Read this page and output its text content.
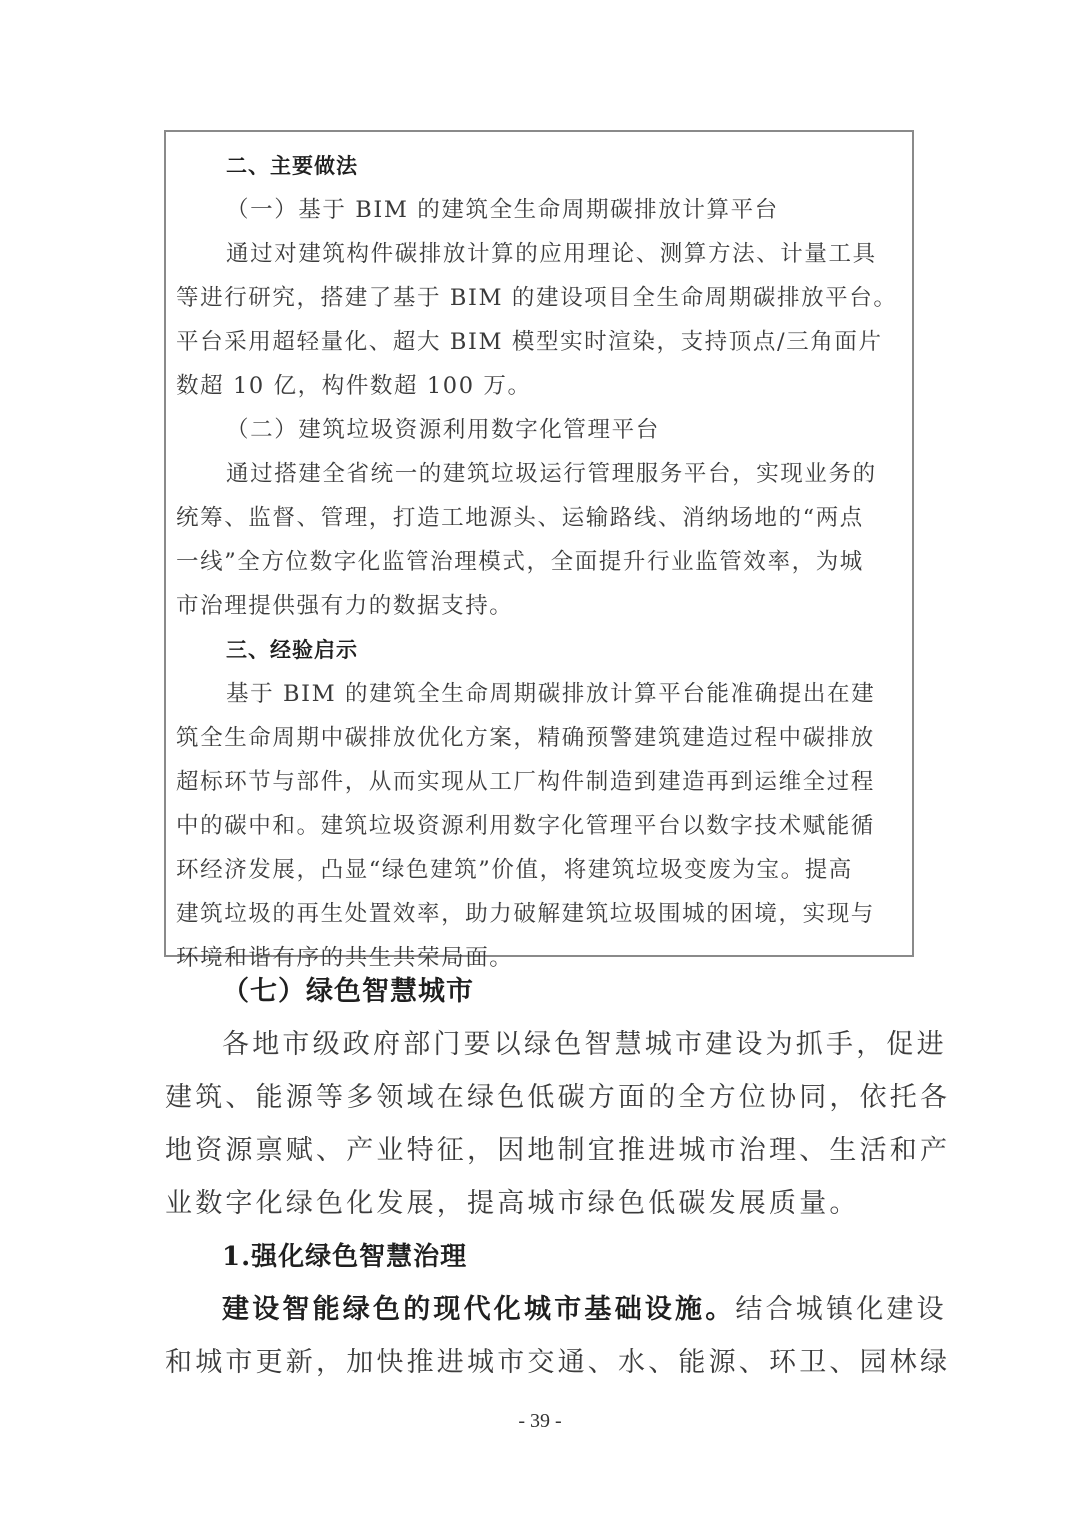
二、主要做法
（一）基于 BIM 的建筑全生命周期碳排放计算平台
通过对建筑构件碳排放计算的应用理论、测算方法、计量工具
等进行研究，搭建了基于 BIM 的建设项目全生命周期碳排放平台。
平台采用超轻量化、超大 BIM 模型实时渲染，支持顶点/三角面片
数超 10 亿，构件数超 100 万。
（二）建筑垃圾资源利用数字化管理平台
通过搭建全省统一的建筑垃圾运行管理服务平台，实现业务的
统筹、监督、管理，打造工地源头、运输路线、消纳场地的“两点
一线”全方位数字化监管治理模式，全面提升行业监管效率，为城
市治理提供强有力的数据支持。
三、经验启示
基于 BIM 的建筑全生命周期碳排放计算平台能准确提出在建
筑全生命周期中碳排放优化方案，精确预警建筑建造过程中碳排放
超标环节与部件，从而实现从工厂构件制造到建造再到运维全过程
中的碳中和。建筑垃圾资源利用数字化管理平台以数字技术赋能循
环经济发展，凸显“绿色建筑”价值，将建筑垃圾变废为宝。提高
建筑垃圾的再生处置效率，助力破解建筑垃圾围城的困境，实现与
环境和谐有序的共生共荣局面。
（七）绿色智慧城市
各地市级政府部门要以绿色智慧城市建设为抓手，促进
建筑、能源等多领域在绿色低碳方面的全方位协同，依托各
地资源禀赋、产业特征，因地制宜推进城市治理、生活和产
业数字化绿色化发展，提高城市绿色低碳发展质量。
1.强化绿色智慧治理
建设智能绿色的现代化城市基础设施。结合城镇化建设
和城市更新，加快推进城市交通、水、能源、环卫、园林绿
- 39 -
